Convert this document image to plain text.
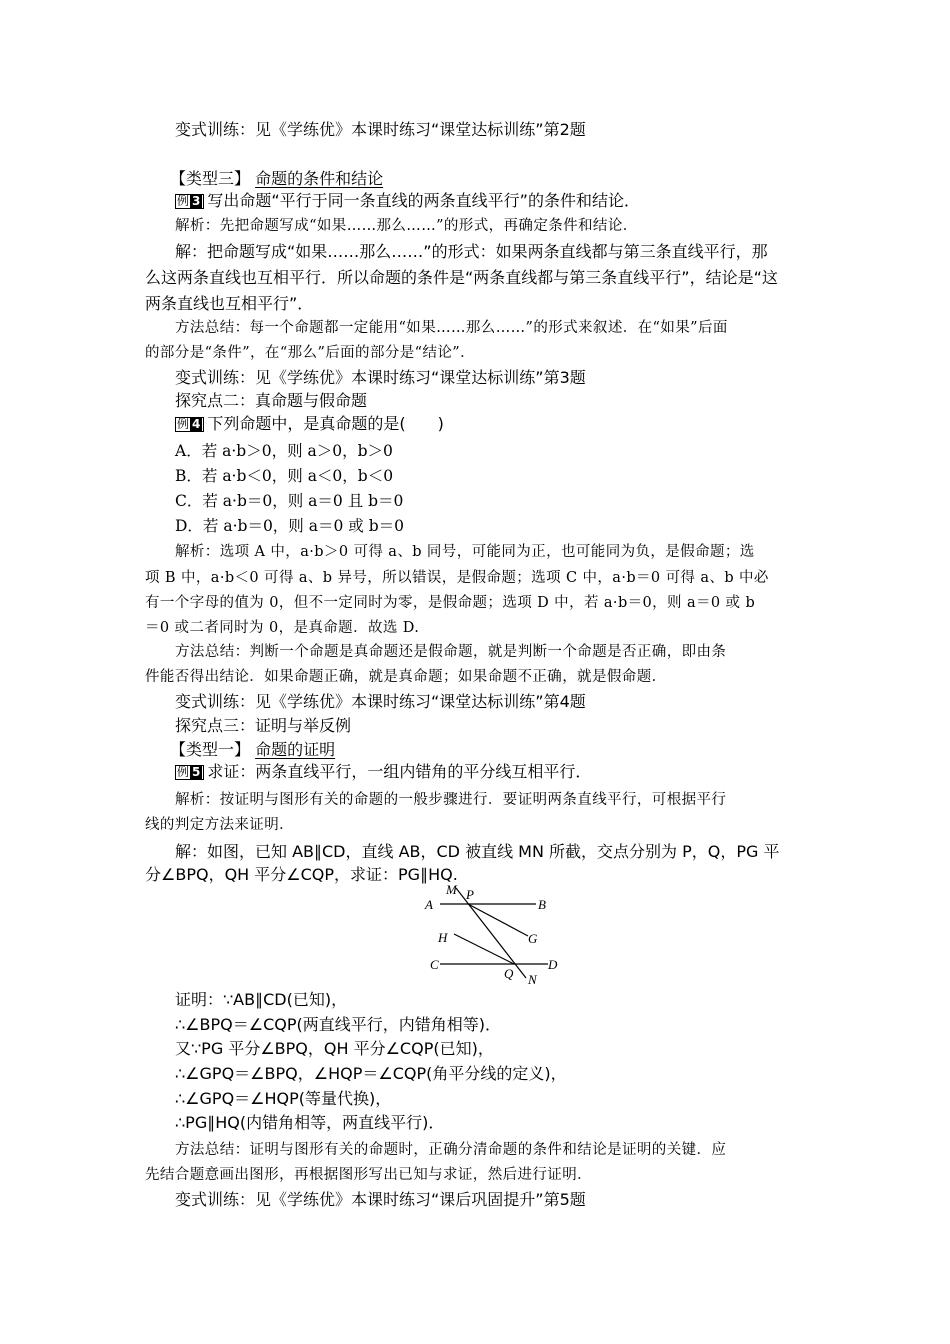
变式训练：见《学练优》本课时练习“课堂达标训练”第2题
【类型三】 命题的条件和结论
例 3 写出命题“平行于同一条直线的两条直线平行”的条件和结论．
解析：先把命题写成“如果……那么……”的形式，再确定条件和结论．
解：把命题写成“如果……那么……”的形式：如果两条直线都与第三条直线平行，那
么这两条直线也互相平行．所以命题的条件是“两条直线都与第三条直线平行”，结论是“这
两条直线也互相平行”．
方法总结：每一个命题都一定能用“如果……那么……”的形式来叙述．在“如果”后面
的部分是“条件”，在“那么”后面的部分是“结论”．
变式训练：见《学练优》本课时练习“课堂达标训练”第3题
探究点二：真命题与假命题
例 4 下列命题中，是真命题的是(　　)
A．若 a·b＞0，则 a＞0，b＞0
B．若 a·b＜0，则 a＜0，b＜0
C．若 a·b＝0，则 a＝0 且 b＝0
D．若 a·b＝0，则 a＝0 或 b＝0
解析：选项 A 中，a·b＞0 可得 a、b 同号，可能同为正，也可能同为负，是假命题；选
项 B 中，a·b＜0 可得 a、b 异号，所以错误，是假命题；选项 C 中，a·b＝0 可得 a、b 中必
有一个字母的值为 0，但不一定同时为零，是假命题；选项 D 中，若 a·b＝0，则 a＝0 或 b
＝0 或二者同时为 0，是真命题．故选 D.
方法总结：判断一个命题是真命题还是假命题，就是判断一个命题是否正确，即由条
件能否得出结论．如果命题正确，就是真命题；如果命题不正确，就是假命题．
变式训练：见《学练优》本课时练习“课堂达标训练”第4题
探究点三：证明与举反例
【类型一】 命题的证明
例 5 求证：两条直线平行，一组内错角的平分线互相平行．
解析：按证明与图形有关的命题的一般步骤进行．要证明两条直线平行，可根据平行
线的判定方法来证明．
解：如图，已知 AB∥CD，直线 AB，CD 被直线 MN 所截，交点分别为 P，Q，PG 平
分∠BPQ，QH 平分∠CQP，求证：PG∥HQ.
M P
A	B
H	G
C
Q
D
N
证明：∵AB∥CD(已知)，
∴∠BPQ＝∠CQP(两直线平行，内错角相等)．
又∵PG 平分∠BPQ，QH 平分∠CQP(已知)，
∴∠GPQ＝∠BPQ，∠HQP＝∠CQP(角平分线的定义)，
∴∠GPQ＝∠HQP(等量代换)，
∴PG∥HQ(内错角相等，两直线平行)．
方法总结：证明与图形有关的命题时，正确分清命题的条件和结论是证明的关键．应
先结合题意画出图形，再根据图形写出已知与求证，然后进行证明．
变式训练：见《学练优》本课时练习“课后巩固提升”第5题
